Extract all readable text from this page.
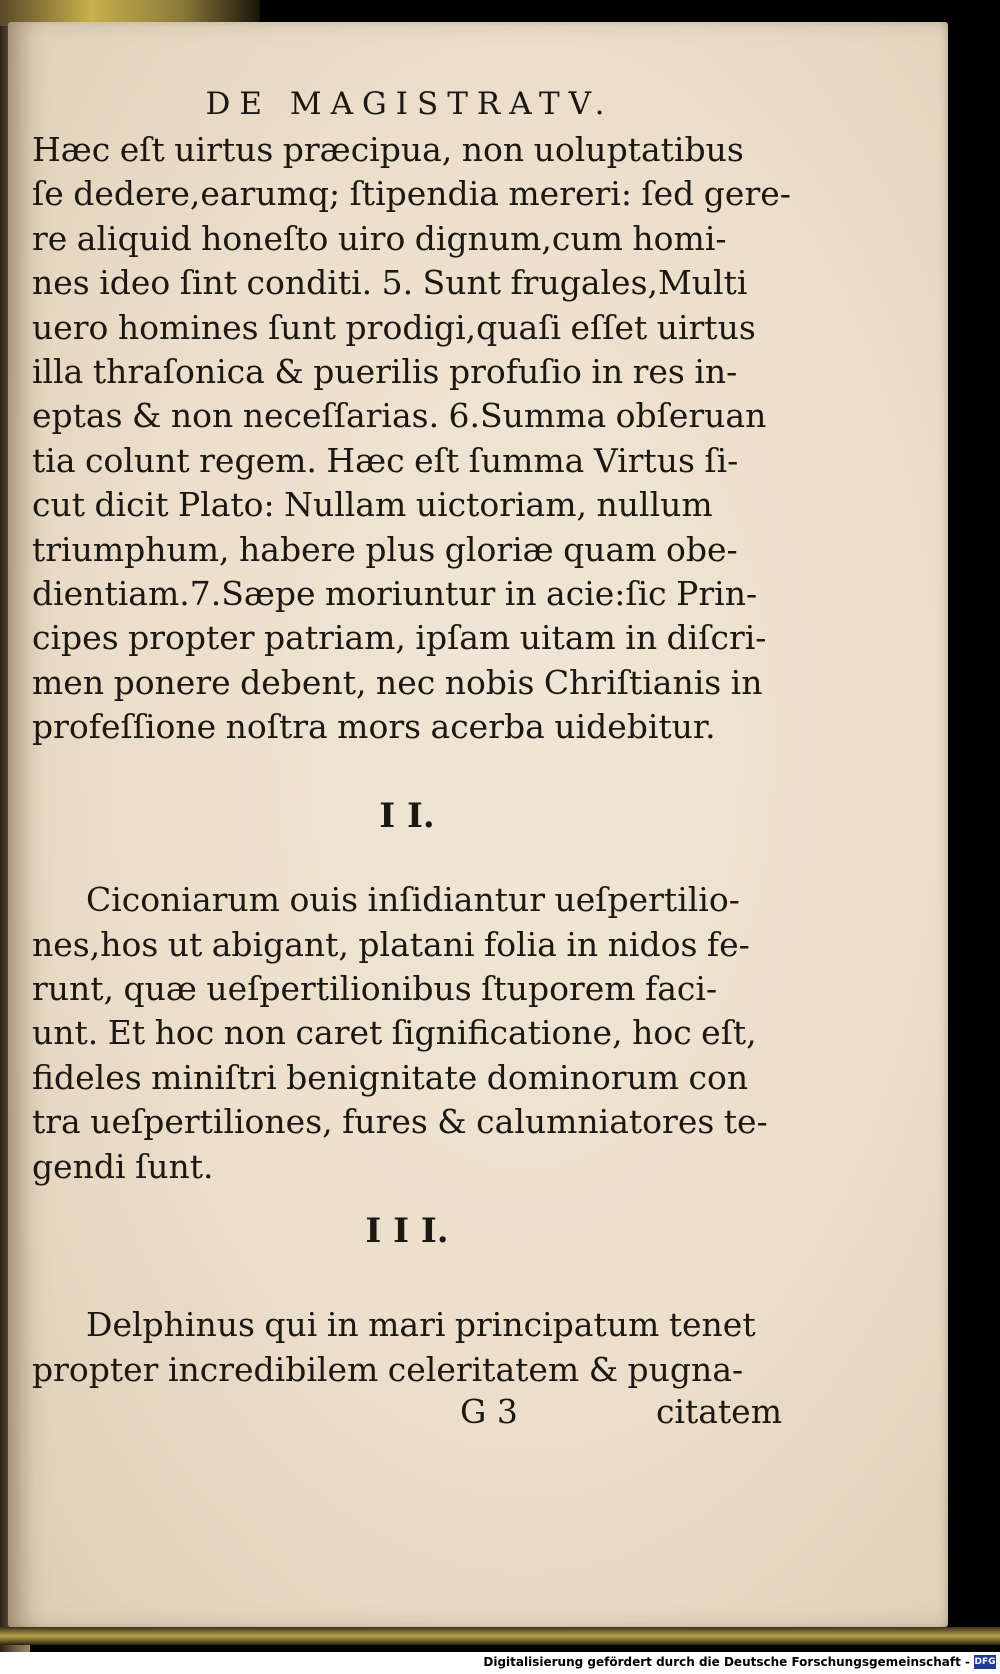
DE MAGISTRATV.
Hæc eſt uirtus præcipua, non uoluptatibus
ſe dedere,earumq; ſtipendia mereri: ſed gere-
re aliquid honeſto uiro dignum,cum homi-
nes ideo ſint conditi. 5. Sunt frugales,Multi
uero homines ſunt prodigi,quaſi eſſet uirtus
illa thraſonica & puerilis profuſio in res in-
eptas & non neceſſarias. 6.Summa obſeruan
tia colunt regem. Hæc eſt ſumma Virtus ſi-
cut dicit Plato: Nullam uictoriam, nullum
triumphum, habere plus gloriæ quam obe-
dientiam.7.Sæpe moriuntur in acie:ſic Prin-
cipes propter patriam, ipſam uitam in diſcri-
men ponere debent, nec nobis Chriſtianis in
profeſſione noſtra mors acerba uidebitur.
I I.
Ciconiarum ouis inſidiantur ueſpertilio-
nes,hos ut abigant, platani folia in nidos fe-
runt, quæ ueſpertilionibus ſtuporem faci-
unt. Et hoc non caret ſignificatione, hoc eſt,
fideles miniſtri benignitate dominorum con
tra ueſpertiliones, fures & calumniatores te-
gendi ſunt.
I I I.
Delphinus qui in mari principatum tenet
propter incredibilem celeritatem & pugna-
G 3	citatem
Digitalisierung gefördert durch die Deutsche Forschungsgemeinschaft - DFG
